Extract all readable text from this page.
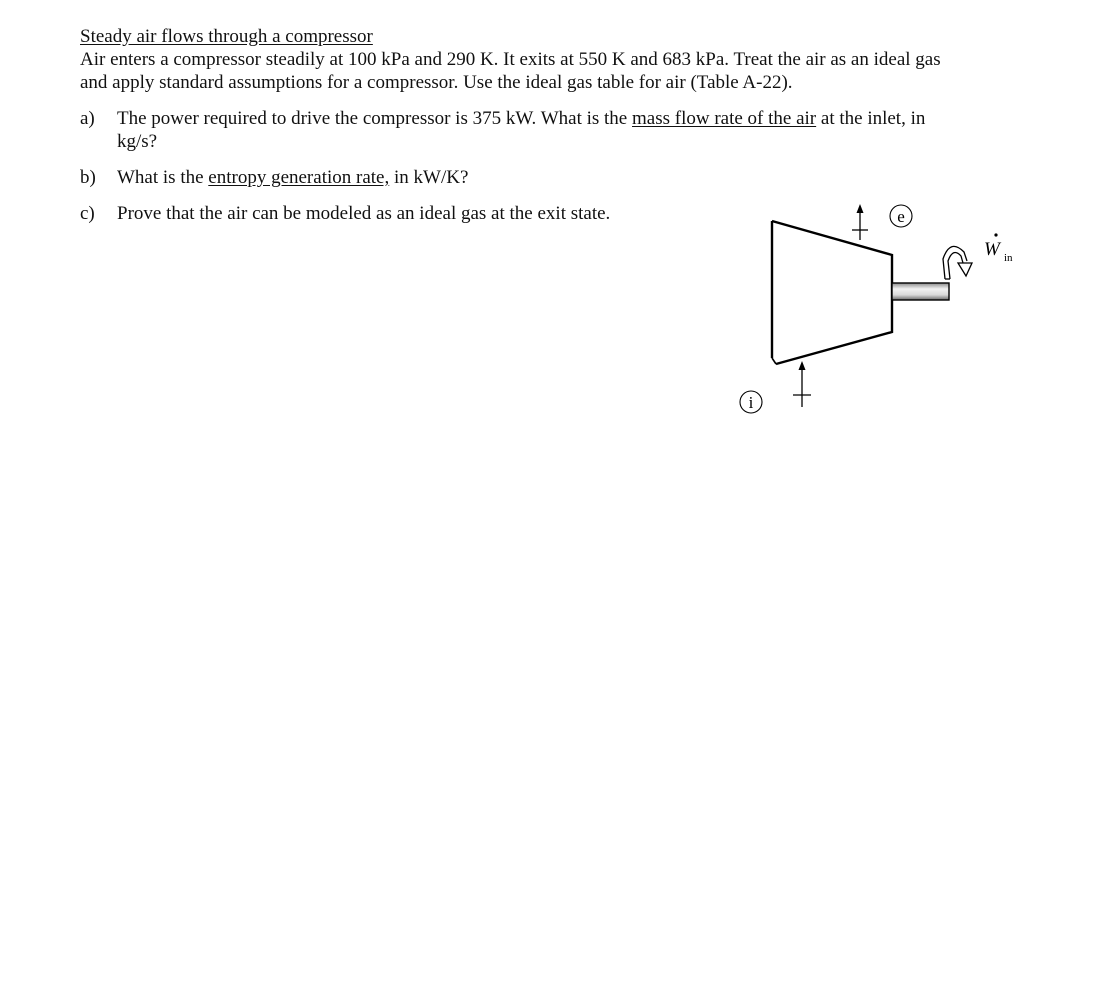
Steady air flows through a compressor

Air enters a compressor steadily at 100 kPa and 290 K. It exits at 550 K and 683 kPa. Treat the air as an ideal gas
and apply standard assumptions for a compressor. Use the ideal gas table for air (Table A-22).

a)	The power required to drive the compressor is 375 kW. What is the mass flow rate of the air at the inlet, in
kg/s?
b)	What is the entropy generation rate, in kW/K?
c)	Prove that the air can be modeled as an ideal gas at the exit state.	e
i
W in
